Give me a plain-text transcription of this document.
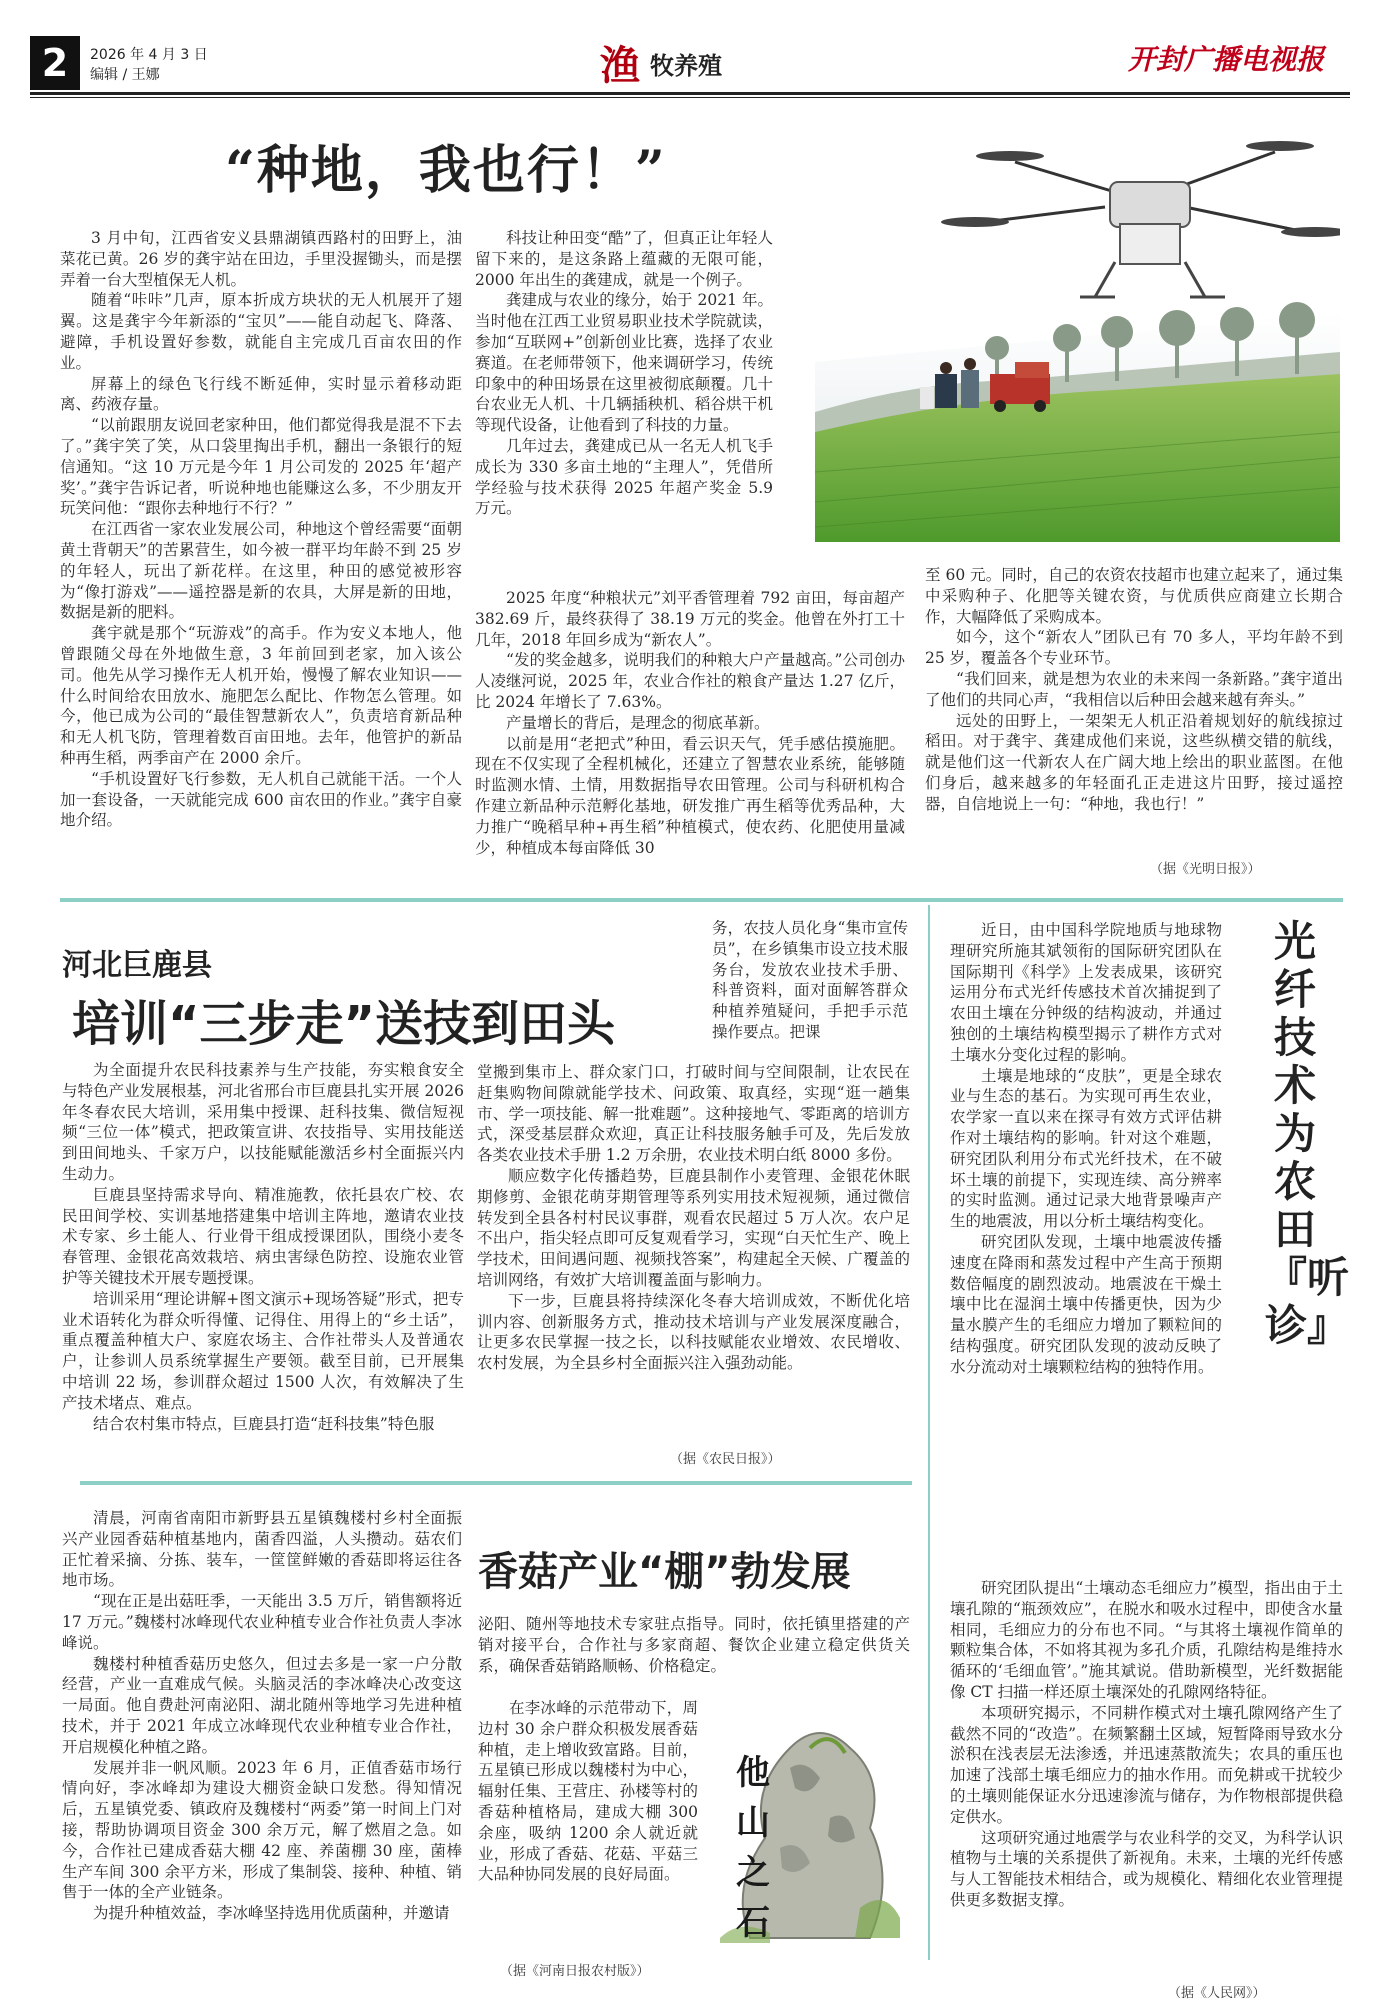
2	2026 年 4 月 3 日
编辑 / 王娜	渔 牧养殖	开封广播电视报
“种地，我也行！”

3 月中旬，江西省安义县鼎湖镇西路村的田野上，油菜花已黄。26 岁的龚宇站在田边，手里没握锄头，而是摆弄着一台大型植保无人机。

随着“咔咔”几声，原本折成方块状的无人机展开了翅翼。这是龚宇今年新添的“宝贝”——能自动起飞、降落、避障，手机设置好参数，就能自主完成几百亩农田的作业。

屏幕上的绿色飞行线不断延伸，实时显示着移动距离、药液存量。

“以前跟朋友说回老家种田，他们都觉得我是混不下去了。”龚宇笑了笑，从口袋里掏出手机，翻出一条银行的短信通知。“这 10 万元是今年 1 月公司发的 2025 年‘超产奖’。”龚宇告诉记者，听说种地也能赚这么多，不少朋友开玩笑问他：“跟你去种地行不行？”

在江西省一家农业发展公司，种地这个曾经需要“面朝黄土背朝天”的苦累营生，如今被一群平均年龄不到 25 岁的年轻人，玩出了新花样。在这里，种田的感觉被形容为“像打游戏”——遥控器是新的农具，大屏是新的田地，数据是新的肥料。

龚宇就是那个“玩游戏”的高手。作为安义本地人，他曾跟随父母在外地做生意，3 年前回到老家，加入该公司。他先从学习操作无人机开始，慢慢了解农业知识——什么时间给农田放水、施肥怎么配比、作物怎么管理。如今，他已成为公司的“最佳智慧新农人”，负责培育新品种和无人机飞防，管理着数百亩田地。去年，他管护的新品种再生稻，两季亩产在 2000 余斤。

“手机设置好飞行参数，无人机自己就能干活。一个人加一套设备，一天就能完成 600 亩农田的作业。”龚宇自豪地介绍。

科技让种田变“酷”了，但真正让年轻人留下来的，是这条路上蕴藏的无限可能，2000 年出生的龚建成，就是一个例子。

龚建成与农业的缘分，始于 2021 年。当时他在江西工业贸易职业技术学院就读，参加“互联网+”创新创业比赛，选择了农业赛道。在老师带领下，他来调研学习，传统印象中的种田场景在这里被彻底颠覆。几十台农业无人机、十几辆插秧机、稻谷烘干机等现代设备，让他看到了科技的力量。

几年过去，龚建成已从一名无人机飞手成长为 330 多亩土地的“主理人”，凭借所学经验与技术获得 2025 年超产奖金 5.9 万元。

2025 年度“种粮状元”刘平香管理着 792 亩田，每亩超产 382.69 斤，最终获得了 38.19 万元的奖金。他曾在外打工十几年，2018 年回乡成为“新农人”。

“发的奖金越多，说明我们的种粮大户产量越高。”公司创办人凌继河说，2025 年，农业合作社的粮食产量达 1.27 亿斤，比 2024 年增长了 7.63%。

产量增长的背后，是理念的彻底革新。

以前是用“老把式”种田，看云识天气，凭手感估摸施肥。现在不仅实现了全程机械化，还建立了智慧农业系统，能够随时监测水情、土情，用数据指导农田管理。公司与科研机构合作建立新品种示范孵化基地，研发推广再生稻等优秀品种，大力推广“晚稻早种+再生稻”种植模式，使农药、化肥使用量减少，种植成本每亩降低 30

至 60 元。同时，自己的农资农技超市也建立起来了，通过集中采购种子、化肥等关键农资，与优质供应商建立长期合作，大幅降低了采购成本。

如今，这个“新农人”团队已有 70 多人，平均年龄不到 25 岁，覆盖各个专业环节。

“我们回来，就是想为农业的未来闯一条新路。”龚宇道出了他们的共同心声，“我相信以后种田会越来越有奔头。”

远处的田野上，一架架无人机正沿着规划好的航线掠过稻田。对于龚宇、龚建成他们来说，这些纵横交错的航线，就是他们这一代新农人在广阔大地上绘出的职业蓝图。在他们身后，越来越多的年轻面孔正走进这片田野，接过遥控器，自信地说上一句：“种地，我也行！”

（据《光明日报》）
河北巨鹿县
培训“三步走”送技到田头

为全面提升农民科技素养与生产技能，夯实粮食安全与特色产业发展根基，河北省邢台市巨鹿县扎实开展 2026 年冬春农民大培训，采用集中授课、赶科技集、微信短视频“三位一体”模式，把政策宣讲、农技指导、实用技能送到田间地头、千家万户，以技能赋能激活乡村全面振兴内生动力。

巨鹿县坚持需求导向、精准施教，依托县农广校、农民田间学校、实训基地搭建集中培训主阵地，邀请农业技术专家、乡土能人、行业骨干组成授课团队，围绕小麦冬春管理、金银花高效栽培、病虫害绿色防控、设施农业管护等关键技术开展专题授课。

培训采用“理论讲解+图文演示+现场答疑”形式，把专业术语转化为群众听得懂、记得住、用得上的“乡土话”，重点覆盖种植大户、家庭农场主、合作社带头人及普通农户，让参训人员系统掌握生产要领。截至目前，已开展集中培训 22 场，参训群众超过 1500 人次，有效解决了生产技术堵点、难点。

结合农村集市特点，巨鹿县打造“赶科技集”特色服

务，农技人员化身“集市宣传员”，在乡镇集市设立技术服务台，发放农业技术手册、科普资料，面对面解答群众种植养殖疑问，手把手示范操作要点。把课

堂搬到集市上、群众家门口，打破时间与空间限制，让农民在赶集购物间隙就能学技术、问政策、取真经，实现“逛一趟集市、学一项技能、解一批难题”。这种接地气、零距离的培训方式，深受基层群众欢迎，真正让科技服务触手可及，先后发放各类农业技术手册 1.2 万余册，农业技术明白纸 8000 多份。

顺应数字化传播趋势，巨鹿县制作小麦管理、金银花休眠期修剪、金银花萌芽期管理等系列实用技术短视频，通过微信转发到全县各村村民议事群，观看农民超过 5 万人次。农户足不出户，指尖轻点即可反复观看学习，实现“白天忙生产、晚上学技术，田间遇问题、视频找答案”，构建起全天候、广覆盖的培训网络，有效扩大培训覆盖面与影响力。

下一步，巨鹿县将持续深化冬春大培训成效，不断优化培训内容、创新服务方式，推动技术培训与产业发展深度融合，让更多农民掌握一技之长，以科技赋能农业增效、农民增收、农村发展，为全县乡村全面振兴注入强劲动能。

（据《农民日报》）
光纤技术为农田『听诊』

近日，由中国科学院地质与地球物理研究所施其斌领衔的国际研究团队在国际期刊《科学》上发表成果，该研究运用分布式光纤传感技术首次捕捉到了农田土壤在分钟级的结构波动，并通过独创的土壤结构模型揭示了耕作方式对土壤水分变化过程的影响。

土壤是地球的“皮肤”，更是全球农业与生态的基石。为实现可再生农业，农学家一直以来在探寻有效方式评估耕作对土壤结构的影响。针对这个难题，研究团队利用分布式光纤技术，在不破坏土壤的前提下，实现连续、高分辨率的实时监测。通过记录大地背景噪声产生的地震波，用以分析土壤结构变化。

研究团队发现，土壤中地震波传播速度在降雨和蒸发过程中产生高于预期数倍幅度的剧烈波动。地震波在干燥土壤中比在湿润土壤中传播更快，因为少量水膜产生的毛细应力增加了颗粒间的结构强度。研究团队发现的波动反映了水分流动对土壤颗粒结构的独特作用。

研究团队提出“土壤动态毛细应力”模型，指出由于土壤孔隙的“瓶颈效应”，在脱水和吸水过程中，即使含水量相同，毛细应力的分布也不同。“与其将土壤视作简单的颗粒集合体，不如将其视为多孔介质，孔隙结构是维持水循环的‘毛细血管’。”施其斌说。借助新模型，光纤数据能像 CT 扫描一样还原土壤深处的孔隙网络特征。

本项研究揭示，不同耕作模式对土壤孔隙网络产生了截然不同的“改造”。在频繁翻土区域，短暂降雨导致水分淤积在浅表层无法渗透，并迅速蒸散流失；农具的重压也加速了浅部土壤毛细应力的抽水作用。而免耕或干扰较少的土壤则能保证水分迅速渗流与储存，为作物根部提供稳定供水。

这项研究通过地震学与农业科学的交叉，为科学认识植物与土壤的关系提供了新视角。未来，土壤的光纤传感与人工智能技术相结合，或为规模化、精细化农业管理提供更多数据支撑。

（据《人民网》）
香菇产业“棚”勃发展

清晨，河南省南阳市新野县五星镇魏楼村乡村全面振兴产业园香菇种植基地内，菌香四溢，人头攒动。菇农们正忙着采摘、分拣、装车，一筐筐鲜嫩的香菇即将运往各地市场。

“现在正是出菇旺季，一天能出 3.5 万斤，销售额将近 17 万元。”魏楼村冰峰现代农业种植专业合作社负责人李冰峰说。

魏楼村种植香菇历史悠久，但过去多是一家一户分散经营，产业一直难成气候。头脑灵活的李冰峰决心改变这一局面。他自费赴河南泌阳、湖北随州等地学习先进种植技术，并于 2021 年成立冰峰现代农业种植专业合作社，开启规模化种植之路。

发展并非一帆风顺。2023 年 6 月，正值香菇市场行情向好，李冰峰却为建设大棚资金缺口发愁。得知情况后，五星镇党委、镇政府及魏楼村“两委”第一时间上门对接，帮助协调项目资金 300 余万元，解了燃眉之急。如今，合作社已建成香菇大棚 42 座、养菌棚 30 座，菌棒生产车间 300 余平方米，形成了集制袋、接种、种植、销售于一体的全产业链条。

为提升种植效益，李冰峰坚持选用优质菌种，并邀请

泌阳、随州等地技术专家驻点指导。同时，依托镇里搭建的产销对接平台，合作社与多家商超、餐饮企业建立稳定供货关系，确保香菇销路顺畅、价格稳定。

在李冰峰的示范带动下，周边村 30 余户群众积极发展香菇种植，走上增收致富路。目前，五星镇已形成以魏楼村为中心，辐射任集、王营庄、孙楼等村的香菇种植格局，建成大棚 300 余座，吸纳 1200 余人就近就业，形成了香菇、花菇、平菇三大品种协同发展的良好局面。

（据《河南日报农村版》）
他山之石
